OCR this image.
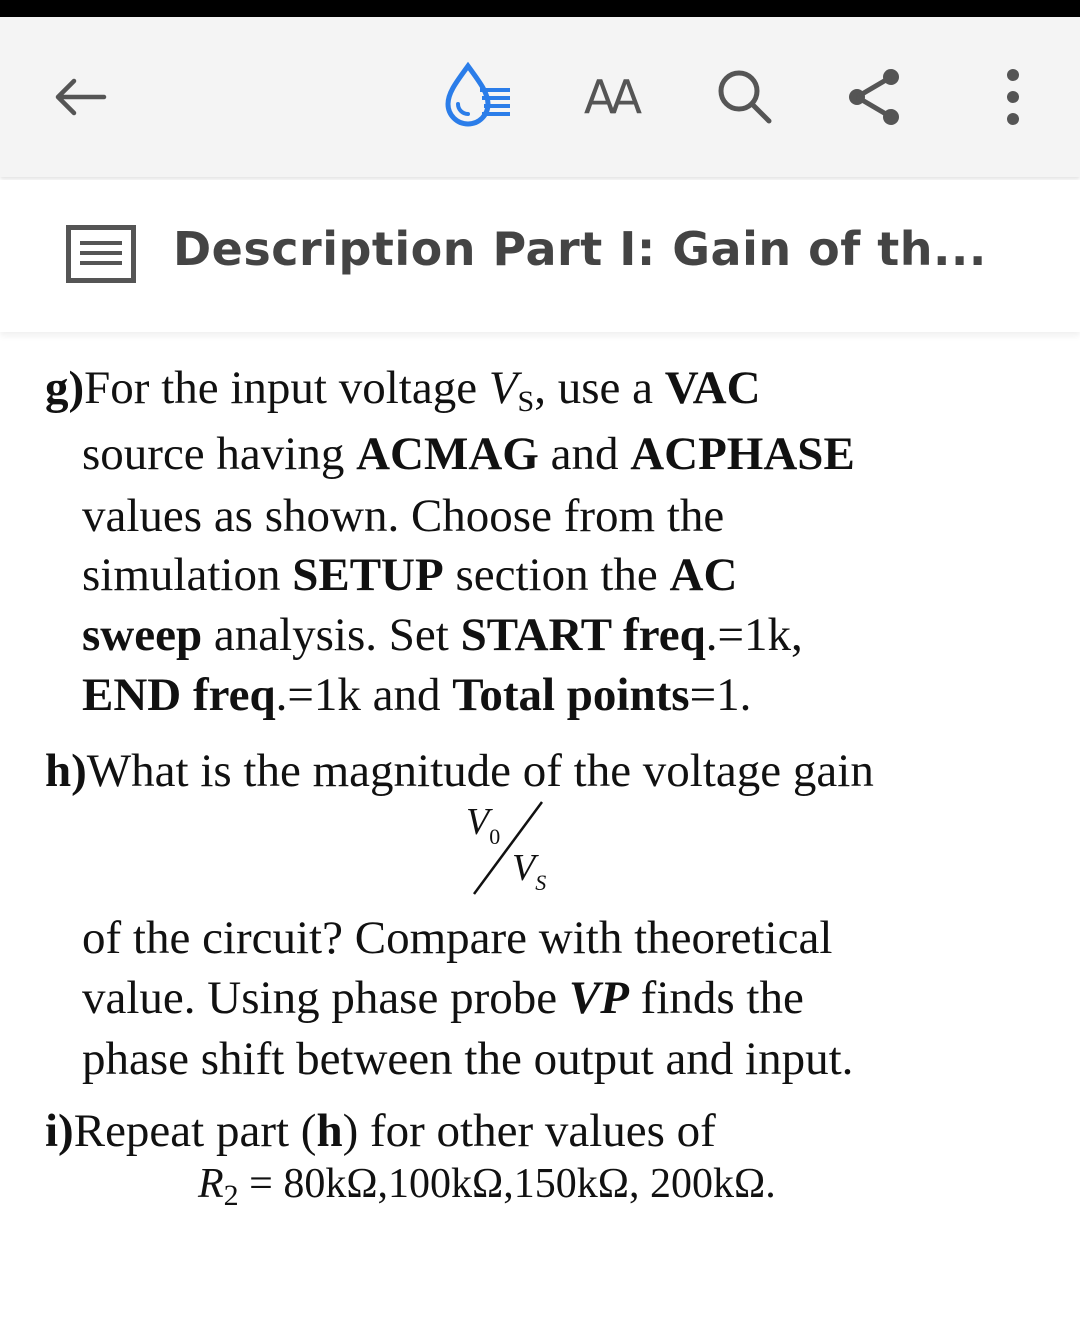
AA
Description Part I: Gain of th...
g)For the input voltage $V_S$, use a VAC
source having ACMAG and ACPHASE
values as shown. Choose from the
simulation SETUP section the AC
sweep analysis. Set START freq.=1k,
END freq.=1k and Total points=1.
h)What is the magnitude of the voltage gain
$V_0$
$V_S$
of the circuit? Compare with theoretical
value. Using phase probe VP finds the
phase shift between the output and input.
i)Repeat part (h) for other values of
$R_2 = 80k\Omega,100k\Omega,150k\Omega$, 200kΩ.
